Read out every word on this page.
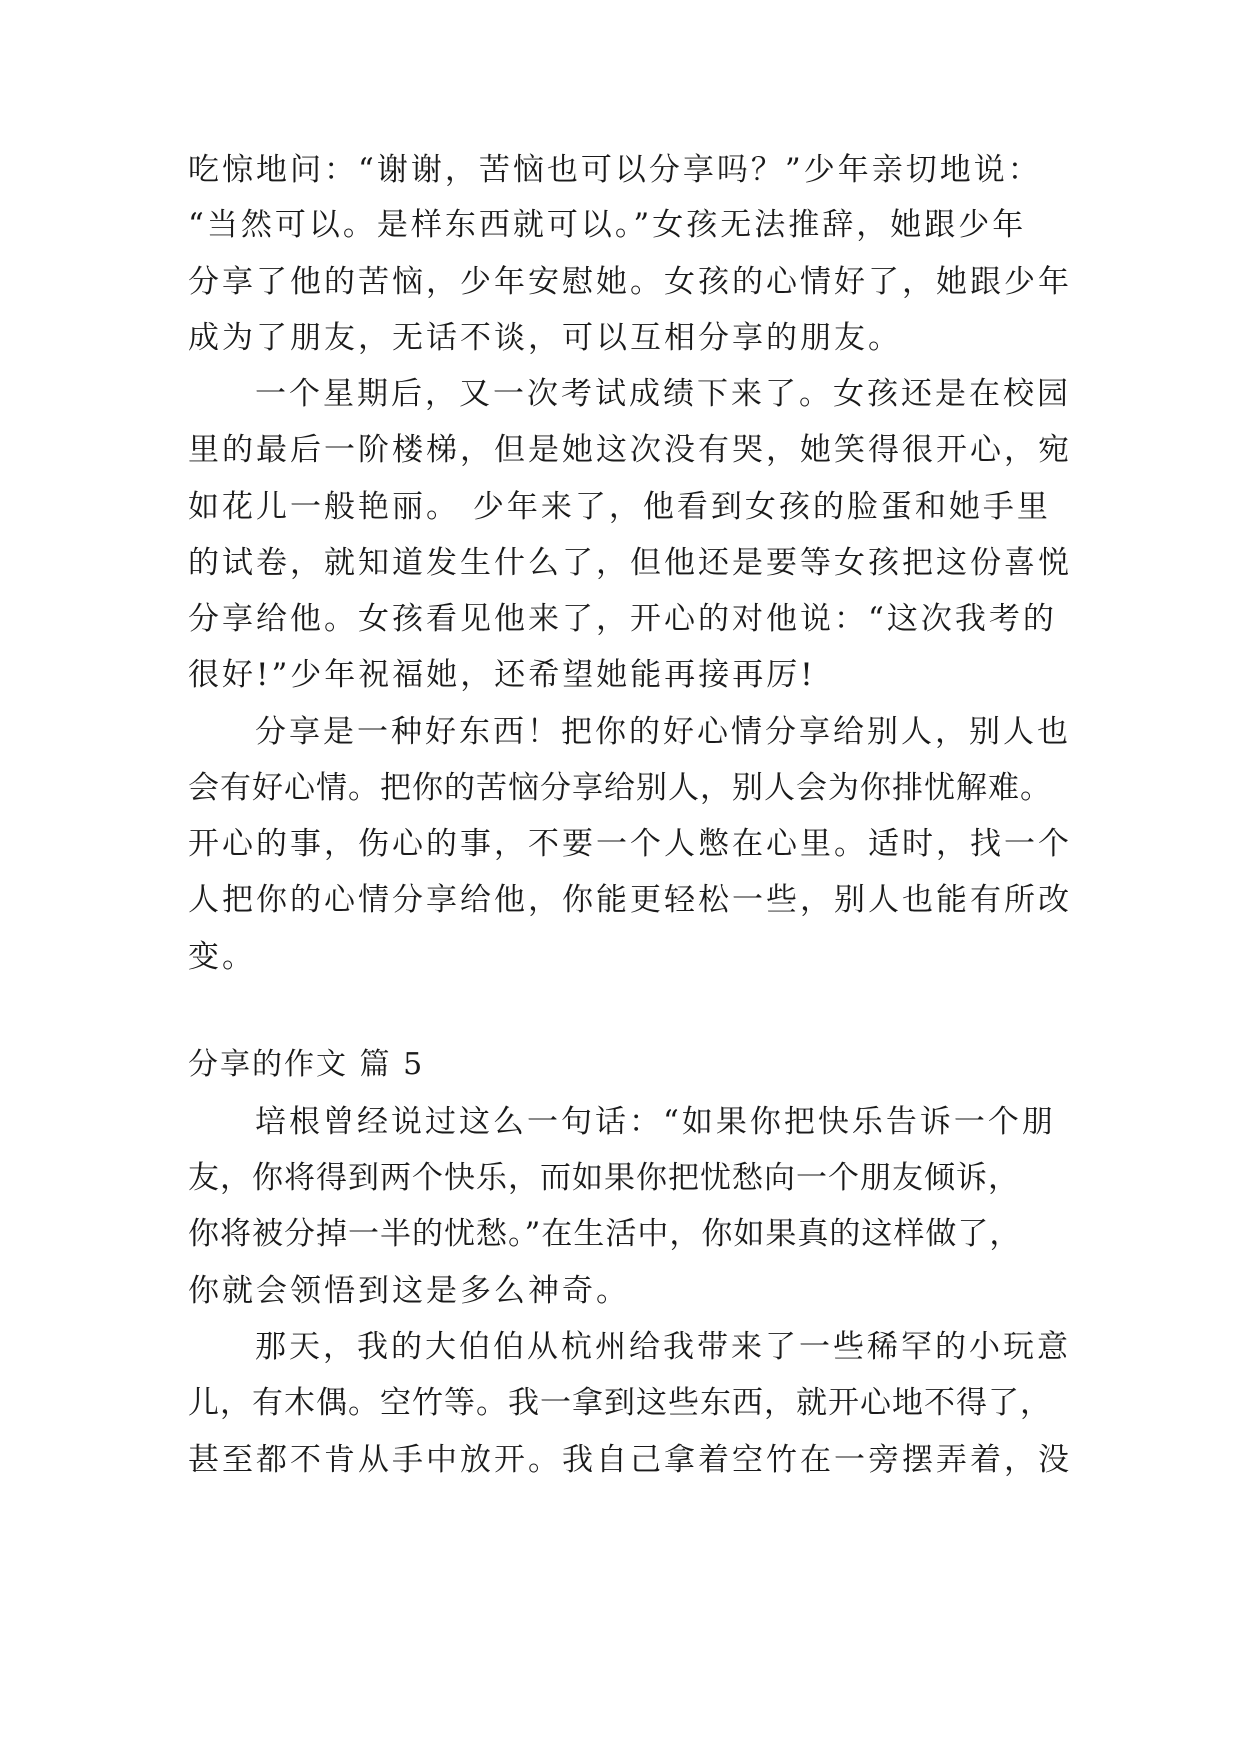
吃惊地问：“谢谢，苦恼也可以分享吗？”少年亲切地说：
“当然可以。是样东西就可以。”女孩无法推辞，她跟少年
分享了他的苦恼，少年安慰她。女孩的心情好了，她跟少年
成为了朋友，无话不谈，可以互相分享的朋友。
一个星期后，又一次考试成绩下来了。女孩还是在校园
里的最后一阶楼梯，但是她这次没有哭，她笑得很开心，宛
如花儿一般艳丽。 少年来了，他看到女孩的脸蛋和她手里
的试卷，就知道发生什么了，但他还是要等女孩把这份喜悦
分享给他。女孩看见他来了，开心的对他说：“这次我考的
很好!”少年祝福她，还希望她能再接再厉!
分享是一种好东西！把你的好心情分享给别人，别人也
会有好心情。把你的苦恼分享给别人，别人会为你排忧解难。
开心的事，伤心的事，不要一个人憋在心里。适时，找一个
人把你的心情分享给他，你能更轻松一些，别人也能有所改
变。
分享的作文 篇 5
培根曾经说过这么一句话：“如果你把快乐告诉一个朋
友，你将得到两个快乐，而如果你把忧愁向一个朋友倾诉，
你将被分掉一半的忧愁。”在生活中，你如果真的这样做了，
你就会领悟到这是多么神奇。
那天，我的大伯伯从杭州给我带来了一些稀罕的小玩意
儿，有木偶。空竹等。我一拿到这些东西，就开心地不得了，
甚至都不肯从手中放开。我自己拿着空竹在一旁摆弄着，没
